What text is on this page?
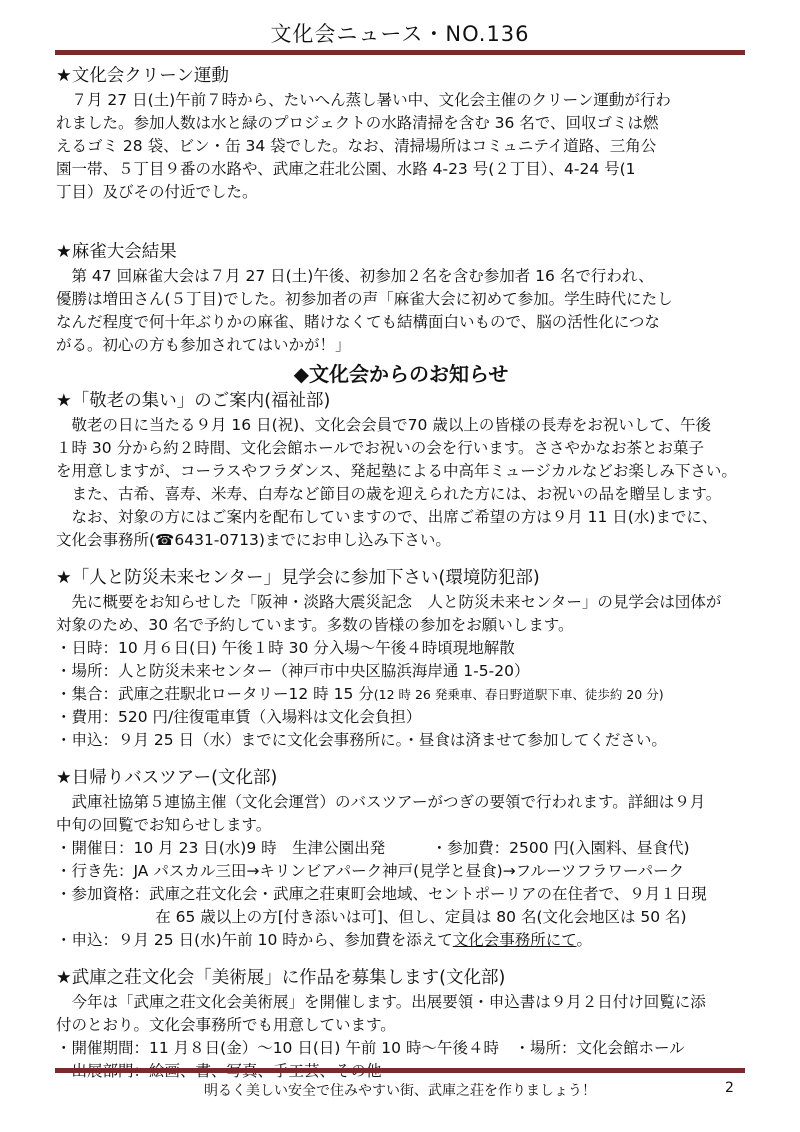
文化会ニュース・NO.136

★文化会クリーン運動

７月 27 日(土)午前７時から、たいへん蒸し暑い中、文化会主催のクリーン運動が行わ

れました。参加人数は水と緑のプロジェクトの水路清掃を含む 36 名で、回収ゴミは燃

えるゴミ 28 袋、ビン・缶 34 袋でした。なお、清掃場所はコミュニテイ道路、三角公

園一帯、５丁目９番の水路や、武庫之荘北公園、水路 4-23 号(２丁目）、4-24 号(1

丁目）及びその付近でした。

★麻雀大会結果

第 47 回麻雀大会は７月 27 日(土)午後、初参加２名を含む参加者 16 名で行われ、

優勝は増田さん(５丁目)でした。初参加者の声「麻雀大会に初めて参加。学生時代にたし

なんだ程度で何十年ぶりかの麻雀、賭けなくても結構面白いもので、脳の活性化につな

がる。初心の方も参加されてはいかが！」

◆文化会からのお知らせ

★「敬老の集い」のご案内(福祉部)

敬老の日に当たる９月 16 日(祝)、文化会会員で70 歳以上の皆様の長寿をお祝いして、午後

１時 30 分から約２時間、文化会館ホールでお祝いの会を行います。ささやかなお茶とお菓子

を用意しますが、コーラスやフラダンス、発起塾による中高年ミュージカルなどお楽しみ下さい。

また、古希、喜寿、米寿、白寿など節目の歳を迎えられた方には、お祝いの品を贈呈します。

なお、対象の方にはご案内を配布していますので、出席ご希望の方は９月 11 日(水)までに、

文化会事務所(☎6431-0713)までにお申し込み下さい。

★「人と防災未来センター」見学会に参加下さい(環境防犯部)

先に概要をお知らせした「阪神・淡路大震災記念　人と防災未来センター」の見学会は団体が

対象のため、30 名で予約しています。多数の皆様の参加をお願いします。

・日時：10 月６日(日) 午後１時 30 分入場～午後４時頃現地解散

・場所：人と防災未来センター（神戸市中央区脇浜海岸通 1-5-20）

・集合：武庫之荘駅北ロータリー12 時 15 分(12 時 26 発乗車、春日野道駅下車、徒歩約 20 分)

・費用：520 円/往復電車賃（入場料は文化会負担）

・申込：９月 25 日（水）までに文化会事務所に。・昼食は済ませて参加してください。

★日帰りバスツアー(文化部)

武庫社協第５連協主催（文化会運営）のバスツアーがつぎの要領で行われます。詳細は９月

中旬の回覧でお知らせします。

・開催日：10 月 23 日(水)9 時　生津公園出発　　　・参加費：2500 円(入園料、昼食代)

・行き先：JA パスカル三田→キリンビアパーク神戸(見学と昼食)→フルーツフラワーパーク

・参加資格：武庫之荘文化会・武庫之荘東町会地域、セントポーリアの在住者で、９月１日現

在 65 歳以上の方[付き添いは可]、但し、定員は 80 名(文化会地区は 50 名)

・申込：９月 25 日(水)午前 10 時から、参加費を添えて文化会事務所にて。

★武庫之荘文化会「美術展」に作品を募集します(文化部)

今年は「武庫之荘文化会美術展」を開催します。出展要領・申込書は９月２日付け回覧に添

付のとおり。文化会事務所でも用意しています。

・開催期間：11 月８日(金）～10 日(日) 午前 10 時～午後４時　・場所：文化会館ホール

明るく美しい安全で住みやすい街、武庫之荘を作りましょう！	2
